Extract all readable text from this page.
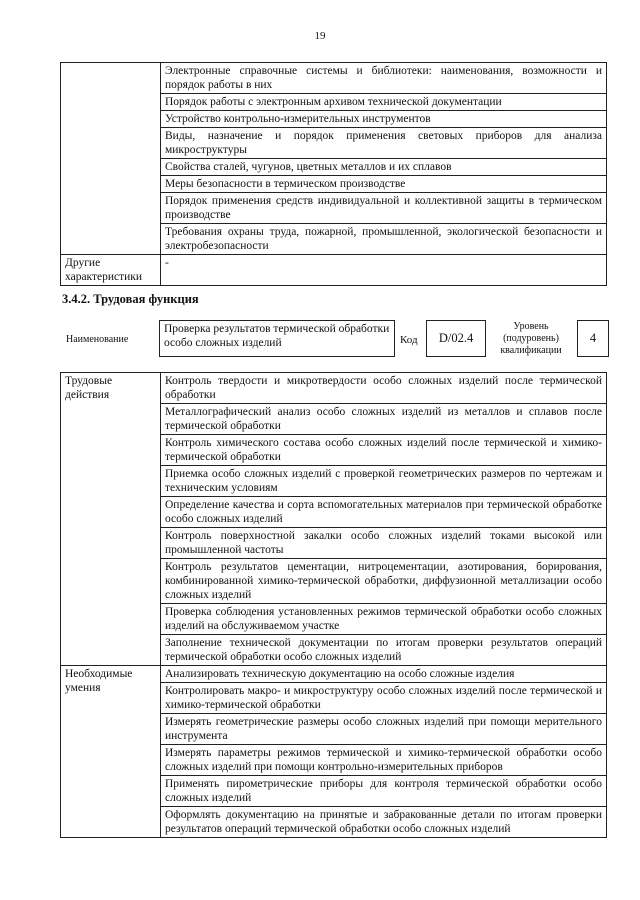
19
	Электронные справочные системы и библиотеки: наименования, возможности и порядок работы в них
	Порядок работы с электронным архивом технической документации
	Устройство контрольно-измерительных инструментов
	Виды, назначение и порядок применения световых приборов для анализа микроструктуры
	Свойства сталей, чугунов, цветных металлов и их сплавов
	Меры безопасности в термическом производстве
	Порядок применения средств индивидуальной и коллективной защиты в термическом производстве
	Требования охраны труда, пожарной, промышленной, экологической безопасности и электробезопасности
Другие характеристики	-
3.4.2. Трудовая функция
Наименование
Проверка результатов термической обработки особо сложных изделий	Код	D/02.4
Уровень (подуровень) квалификации
4
Трудовые действия	Контроль твердости и микротвердости особо сложных изделий после термической обработки
	Металлографический анализ особо сложных изделий из металлов и сплавов после термической обработки
	Контроль химического состава особо сложных изделий после термической и химико-термической обработки
	Приемка особо сложных изделий с проверкой геометрических размеров по чертежам и техническим условиям
	Определение качества и сорта вспомогательных материалов при термической обработке особо сложных изделий
	Контроль поверхностной закалки особо сложных изделий токами высокой или промышленной частоты
	Контроль результатов цементации, нитроцементации, азотирования, борирования, комбинированной химико-термической обработки, диффузионной металлизации особо сложных изделий
	Проверка соблюдения установленных режимов термической обработки особо сложных изделий на обслуживаемом участке
	Заполнение технической документации по итогам проверки результатов операций термической обработки особо сложных изделий
Необходимые умения	Анализировать техническую документацию на особо сложные изделия
	Контролировать макро- и микроструктуру особо сложных изделий после термической и химико-термической обработки
	Измерять геометрические размеры особо сложных изделий при помощи мерительного инструмента
	Измерять параметры режимов термической и химико-термической обработки особо сложных изделий при помощи контрольно-измерительных приборов
	Применять пирометрические приборы для контроля термической обработки особо сложных изделий
	Оформлять документацию на принятые и забракованные детали по итогам проверки результатов операций термической обработки особо сложных изделий
